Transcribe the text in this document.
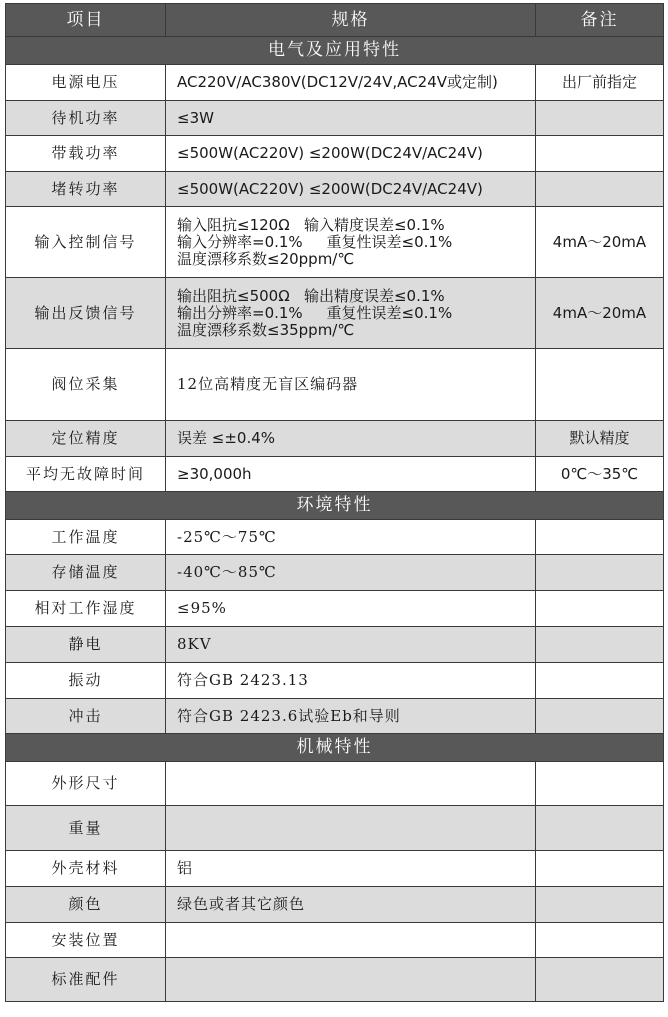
项目	规格	备注
电气及应用特性		
电源电压	AC220V/AC380V(DC12V/24V,AC24V或定制)	出厂前指定
待机功率	≤3W	

带载功率	≤500W(AC220V) ≤200W(DC24V/AC24V)	

堵转功率	≤500W(AC220V) ≤200W(DC24V/AC24V)	

输入控制信号	输入阻抗≤120Ω   输入精度误差≤0.1%
输入分辨率=0.1%     重复性误差≤0.1%
温度漂移系数≤20ppm/℃	4mA～20mA
输出反馈信号	输出阻抗≤500Ω   输出精度误差≤0.1%
输出分辨率=0.1%     重复性误差≤0.1%
温度漂移系数≤35ppm/℃	4mA～20mA
阀位采集	12位高精度无盲区编码器	

定位精度	误差 ≤±0.4%	默认精度
平均无故障时间	≥30,000h	0℃～35℃
环境特性		
工作温度	-25℃～75℃	

存储温度	-40℃～85℃	

相对工作湿度	≤95%	

静电	8KV	

振动	符合GB 2423.13	

冲击	符合GB 2423.6试验Eb和导则	

机械特性		
外形尺寸	

重量	

外壳材料	铝	

颜色	绿色或者其它颜色	

安装位置	

标准配件	
